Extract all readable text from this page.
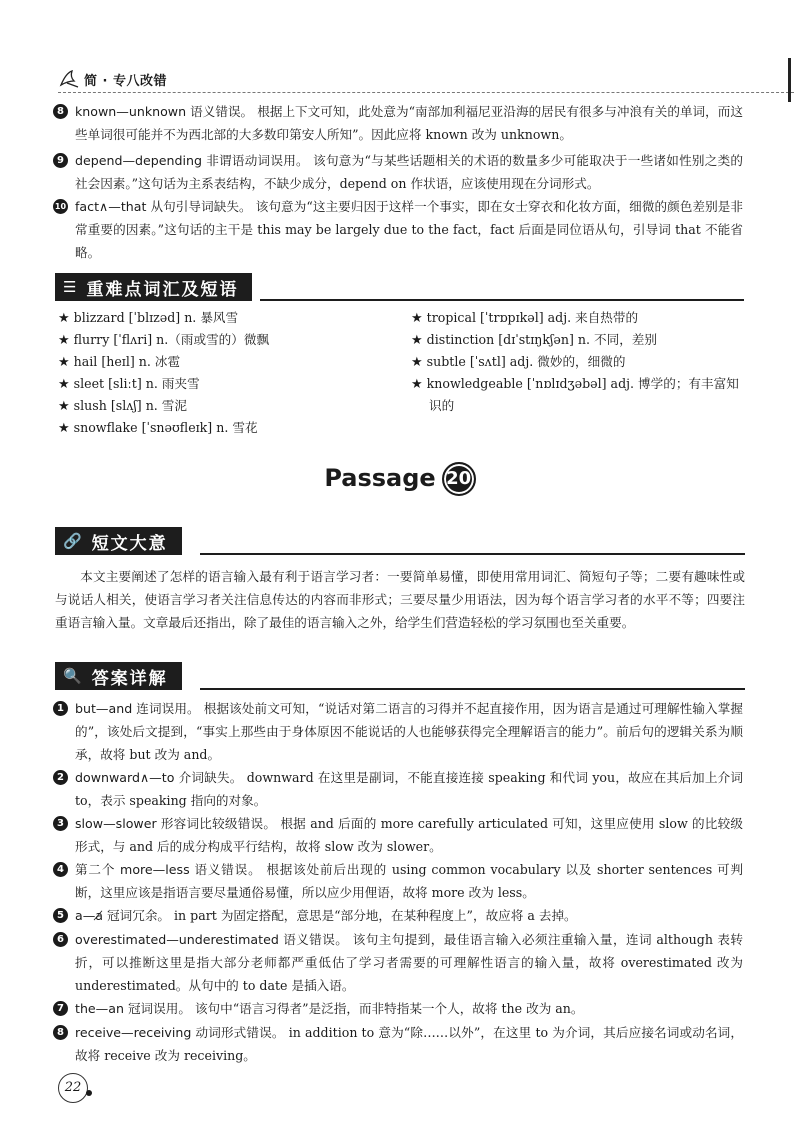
简 · 专八改错
8 known—unknown 语义错误。 根据上下文可知，此处意为“南部加利福尼亚沿海的居民有很多与冲浪有关的单词，而这些单词很可能并不为西北部的大多数印第安人所知”。因此应将 known 改为 unknown。
9 depend—depending 非谓语动词误用。 该句意为“与某些话题相关的术语的数量多少可能取决于一些诸如性别之类的社会因素。”这句话为主系表结构，不缺少成分，depend on 作状语，应该使用现在分词形式。
10 fact∧—that 从句引导词缺失。 该句意为“这主要归因于这样一个事实，即在女士穿衣和化妆方面，细微的颜色差别是非常重要的因素。”这句话的主干是 this may be largely due to the fact，fact 后面是同位语从句，引导词 that 不能省略。
☰ 重难点词汇及短语
★ blizzard [ˈblɪzəd] n. 暴风雪
★ flurry [ˈflʌri] n.（雨或雪的）微飘
★ hail [heɪl] n. 冰雹
★ sleet [sliːt] n. 雨夹雪
★ slush [slʌʃ] n. 雪泥
★ snowflake [ˈsnəʊfleɪk] n. 雪花
★ tropical [ˈtrɒpɪkəl] adj. 来自热带的
★ distinction [dɪˈstɪŋkʃən] n. 不同，差别
★ subtle [ˈsʌtl] adj. 微妙的，细微的
★ knowledgeable [ˈnɒlɪdʒəbəl] adj. 博学的；有丰富知识的
Passage 20
🔗 短文大意
本文主要阐述了怎样的语言输入最有利于语言学习者：一要简单易懂，即使用常用词汇、简短句子等；二要有趣味性或与说话人相关，使语言学习者关注信息传达的内容而非形式；三要尽量少用语法，因为每个语言学习者的水平不等；四要注重语言输入量。文章最后还指出，除了最佳的语言输入之外，给学生们营造轻松的学习氛围也至关重要。
🔍 答案详解
1 but—and 连词误用。 根据该处前文可知，“说话对第二语言的习得并不起直接作用，因为语言是通过可理解性输入掌握的”，该处后文提到，“事实上那些由于身体原因不能说话的人也能够获得完全理解语言的能力”。前后句的逻辑关系为顺承，故将 but 改为 and。
2 downward∧—to 介词缺失。 downward 在这里是副词，不能直接连接 speaking 和代词 you，故应在其后加上介词 to，表示 speaking 指向的对象。
3 slow—slower 形容词比较级错误。 根据 and 后面的 more carefully articulated 可知，这里应使用 slow 的比较级形式，与 and 后的成分构成平行结构，故将 slow 改为 slower。
4 第二个 more—less 语义错误。 根据该处前后出现的 using common vocabulary 以及 shorter sentences 可判断，这里应该是指语言要尽量通俗易懂，所以应少用俚语，故将 more 改为 less。
5 a—a̸ 冠词冗余。 in part 为固定搭配，意思是“部分地，在某种程度上”，故应将 a 去掉。
6 overestimated—underestimated 语义错误。 该句主句提到，最佳语言输入必须注重输入量，连词 although 表转折，可以推断这里是指大部分老师都严重低估了学习者需要的可理解性语言的输入量，故将 overestimated 改为 underestimated。从句中的 to date 是插入语。
7 the—an 冠词误用。 该句中“语言习得者”是泛指，而非特指某一个人，故将 the 改为 an。
8 receive—receiving 动词形式错误。 in addition to 意为“除……以外”，在这里 to 为介词，其后应接名词或动名词，故将 receive 改为 receiving。
22
